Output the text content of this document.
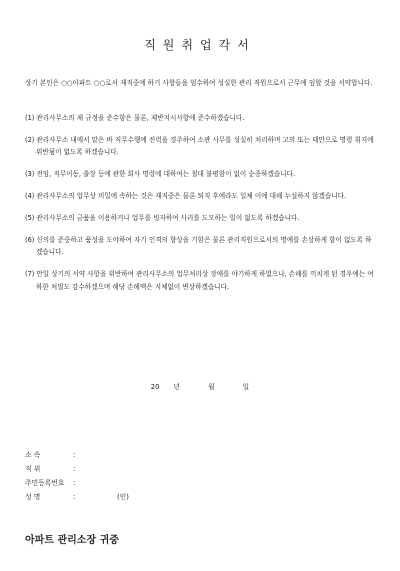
직원취업각서

상기 본인은 ○○아파트 ○○로서 재직중에 하기 사항들을 엄수하여 성실한 관리 직원으로서 근무에 임할 것을 서약합니다.

(1) 관리사무소의 제 규정을 준수함은 물론, 제반지시사항에 준수하겠습니다.
(2) 관리사무소 내에서 맡은 바 직무수행에 전력을 경주하여 소관 사무를 성실히 처리하며 고의 또는 태만으로 명령 취지에 위반됨이 없도록 하겠습니다.
(3) 전임, 직무이동, 출장 등에 관한 회사 명령에 대하여는 절대 불평함이 없이 순종하겠습니다.
(4) 관리사무소의 업무상 비밀에 속하는 것은 재직중은 물론 퇴직 후에라도 일체 이에 대해 누설하지 않겠습니다.
(5) 관리사무소의 금품을 이용하거나 업무를 빙자하여 사리를 도모하는 일이 없도록 하겠습니다.
(6) 신의를 준중하고 품성을 도야하여 자기 인격의 향상을 기함은 물론 관리직원으로서의 명예를 손상하게 함이 없도록 하겠습니다.
(7) 만일 상기의 서약 사항을 위반하여 관리사무소의 업무처리상 장애를 야기하게 하였으나, 손해를 끼치게 된 경우에는 여하한 처벌도 감수하겠으며 해당 손해액은 지체없이 변상하겠습니다.
20 년	월	일
소 속	:
직 위	:
주민등록번호 :
성 명	:	(인)
아파트 관리소장 귀중
